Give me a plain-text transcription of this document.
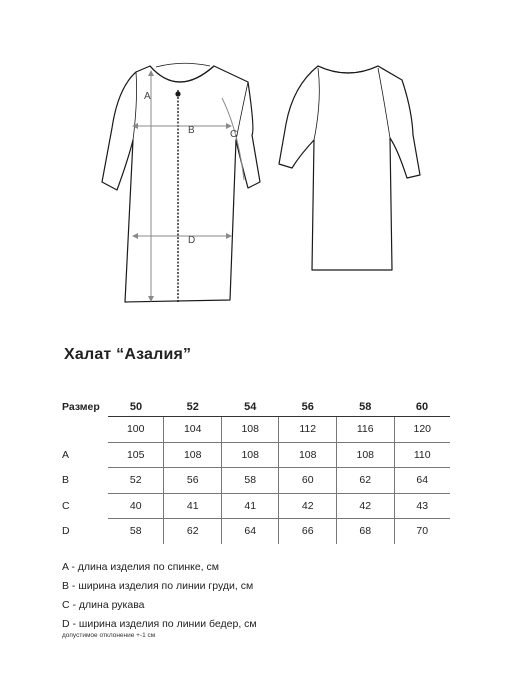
A
B	C
D
Халат “Азалия”
Размер	50	52	54	56	58	60
	100	104	108	112	116	120
A	105	108	108	108	108	110
B	52	56	58	60	62	64
C	40	41	41	42	42	43
D	58	62	64	66	68	70
A - длина изделия по спинке, см
B - ширина изделия по линии груди, см
C - длина рукава
D - ширина изделия по линии бедер, см
допустимое отклонение +-1 см
